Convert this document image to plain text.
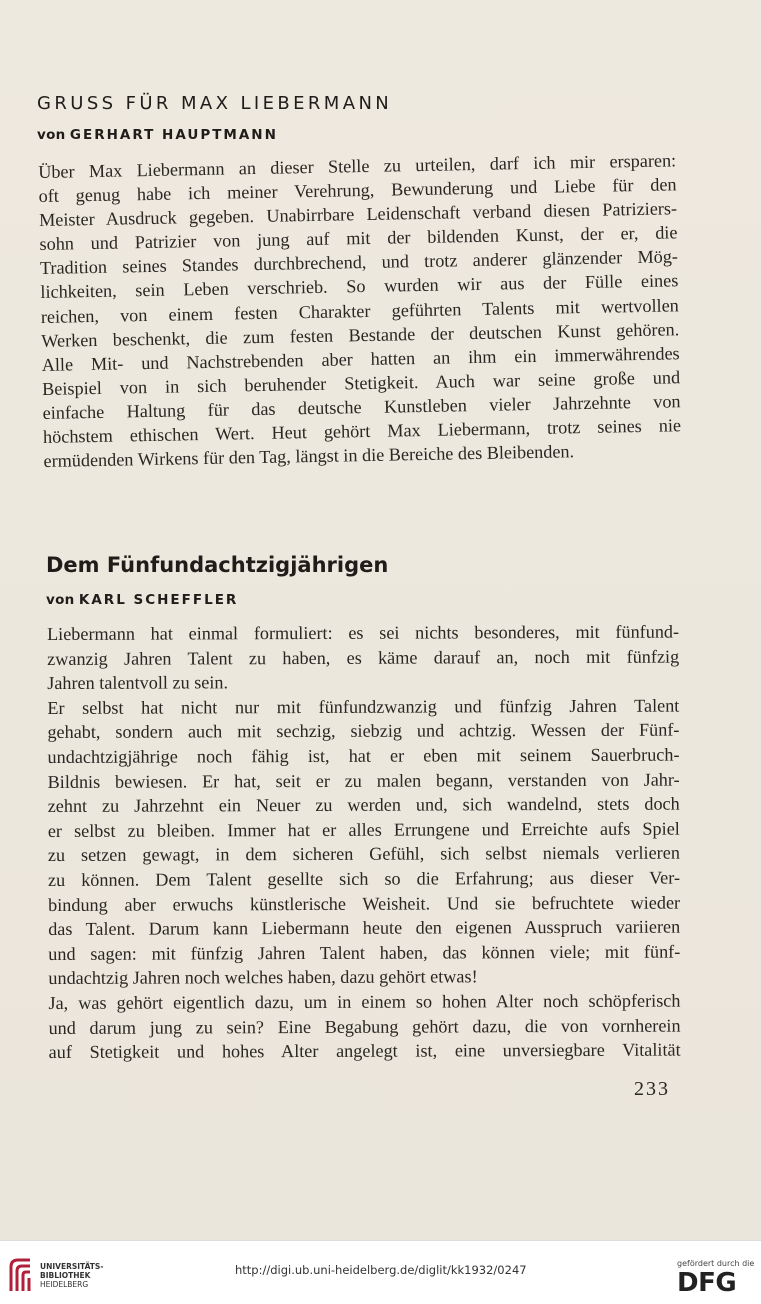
GRUSS FÜR MAX LIEBERMANN
von GERHART HAUPTMANN
Über Max Liebermann an dieser Stelle zu urteilen, darf ich mir ersparen:
oft genug habe ich meiner Verehrung, Bewunderung und Liebe für den
Meister Ausdruck gegeben. Unabirrbare Leidenschaft verband diesen Patriziers-
sohn und Patrizier von jung auf mit der bildenden Kunst, der er, die
Tradition seines Standes durchbrechend, und trotz anderer glänzender Mög-
lichkeiten, sein Leben verschrieb. So wurden wir aus der Fülle eines
reichen, von einem festen Charakter geführten Talents mit wertvollen
Werken beschenkt, die zum festen Bestande der deutschen Kunst gehören.
Alle Mit- und Nachstrebenden aber hatten an ihm ein immerwährendes
Beispiel von in sich beruhender Stetigkeit. Auch war seine große und
einfache Haltung für das deutsche Kunstleben vieler Jahrzehnte von
höchstem ethischen Wert. Heut gehört Max Liebermann, trotz seines nie
ermüdenden Wirkens für den Tag, längst in die Bereiche des Bleibenden.
Dem Fünfundachtzigjährigen
von KARL SCHEFFLER
Liebermann hat einmal formuliert: es sei nichts besonderes, mit fünfund-
zwanzig Jahren Talent zu haben, es käme darauf an, noch mit fünfzig
Jahren talentvoll zu sein.
Er selbst hat nicht nur mit fünfundzwanzig und fünfzig Jahren Talent
gehabt, sondern auch mit sechzig, siebzig und achtzig. Wessen der Fünf-
undachtzigjährige noch fähig ist, hat er eben mit seinem Sauerbruch-
Bildnis bewiesen. Er hat, seit er zu malen begann, verstanden von Jahr-
zehnt zu Jahrzehnt ein Neuer zu werden und, sich wandelnd, stets doch
er selbst zu bleiben. Immer hat er alles Errungene und Erreichte aufs Spiel
zu setzen gewagt, in dem sicheren Gefühl, sich selbst niemals verlieren
zu können. Dem Talent gesellte sich so die Erfahrung; aus dieser Ver-
bindung aber erwuchs künstlerische Weisheit. Und sie befruchtete wieder
das Talent. Darum kann Liebermann heute den eigenen Ausspruch variieren
und sagen: mit fünfzig Jahren Talent haben, das können viele; mit fünf-
undachtzig Jahren noch welches haben, dazu gehört etwas!
Ja, was gehört eigentlich dazu, um in einem so hohen Alter noch schöpferisch
und darum jung zu sein? Eine Begabung gehört dazu, die von vornherein
auf Stetigkeit und hohes Alter angelegt ist, eine unversiegbare Vitalität
233
UNIVERSITÄTS-
BIBLIOTHEK
HEIDELBERG
http://digi.ub.uni-heidelberg.de/diglit/kk1932/0247	gefördert durch die
DFG
